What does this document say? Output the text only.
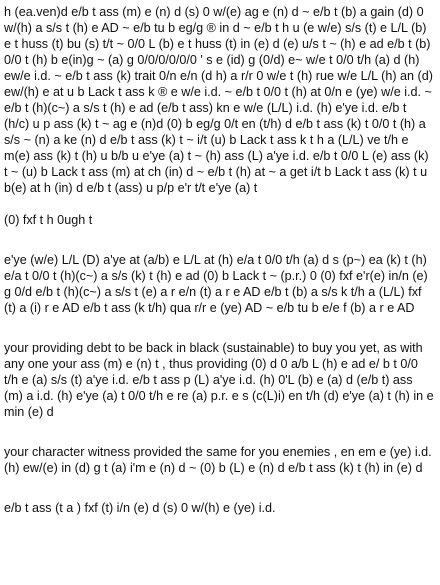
h (ea.ven)d e/b t ass (m) e (n) d (s) 0 w/(e) ag e (n) d ~ e/b t (b) a gain (d) 0 w/(h) a s/s t (h) e AD ~ e/b tu b eg/g ® in d ~ e/b t h u (e w/e) s/s (t) e L/L (b) e t huss (t) bu (s) t/t ~ 0/0 L (b) e t huss (t) in (e) d (e) u/s t ~ (h) e ad e/b t (b) 0/0 t (h) b e(in)g ~ (a) g 0/0/0/0/0/0 ' s e (id) g (0/d) e~ w/e t 0/0 t/h (a) d (h) ew/e i.d. ~ e/b t ass (k) trait 0/n e/n (d h) a r/r 0 w/e t (h) rue w/e L/L (h) an (d) ew/(h) e at u b Lack t ass k ® e w/e i.d. ~ e/b t 0/0 t (h) at 0/n e (ye) w/e i.d. ~ e/b t (h)(c~) a s/s t (h) e ad (e/b t ass) kn e w/e (L/L) i.d. (h) e'ye i.d. e/b t (h/c) u p ass (k) t ~ ag e (n)d (0) b eg/g 0/t en (t/h) d e/b t ass (k) t 0/0 t (h) a s/s ~ (n) a ke (n) d e/b t ass (k) t ~ i/t (u) b Lack t ass k t h a (L/L) ve t/h e m(e) ass (k) t (h) u b/b u e'ye (a) t ~ (h) ass (L) a'ye i.d. e/b t 0/0 L (e) ass (k) t ~ (u) b Lack t ass (m) at ch (in) d ~ e/b t (h) at ~ a get i/t b Lack t ass (k) t u b(e) at h (in) d e/b t (ass) u p/p e'r t/t e'ye (a) t

(0) fxf t h 0ugh t

e'ye (w/e) L/L (D) a'ye at (a/b) e L/L at (h) e/a t 0/0 t/h (a) d s (p~) ea (k) t (h) e/a t 0/0 t (h)(c~) a s/s (k) t (h) e ad (0) b Lack t ~ (p.r.) 0 (0) fxf e'r(e) in/n (e) g 0/d e/b t (h)(c~) a s/s t (e) a r e/n (t) a r e AD e/b t (b) a s/s k t/h a (L/L) fxf (t) a (i) r e AD e/b t ass (k t/h) qua r/r e (ye) AD ~ e/b tu b e/e f (b) a r e AD

your providing debt to be back in black (sustainable) to buy you yet, as with any one your ass (m) e (n) t , thus providing (0) d 0 a/b L (h) e ad e/ b t 0/0 t/h e (a) s/s (t) a'ye i.d. e/b t ass p (L) a'ye i.d. (h) 0'L (b) e (a) d (e/b t) ass (m) a i.d. (h) e'ye (a) t 0/0 t/h e re (a) p.r. e s (c(L)i) en t/h (d) e'ye (a) t (h) in e min (e) d

your character witness provided the same for you enemies , en em e (ye) i.d. (h) ew/(e) in (d) g t (a) i'm e (n) d ~ (0) b (L) e (n) d e/b t ass (k) t (h) in (e) d

e/b t ass (t a ) fxf (t) i/n (e) d (s) 0 w/(h) e (ye) i.d.
